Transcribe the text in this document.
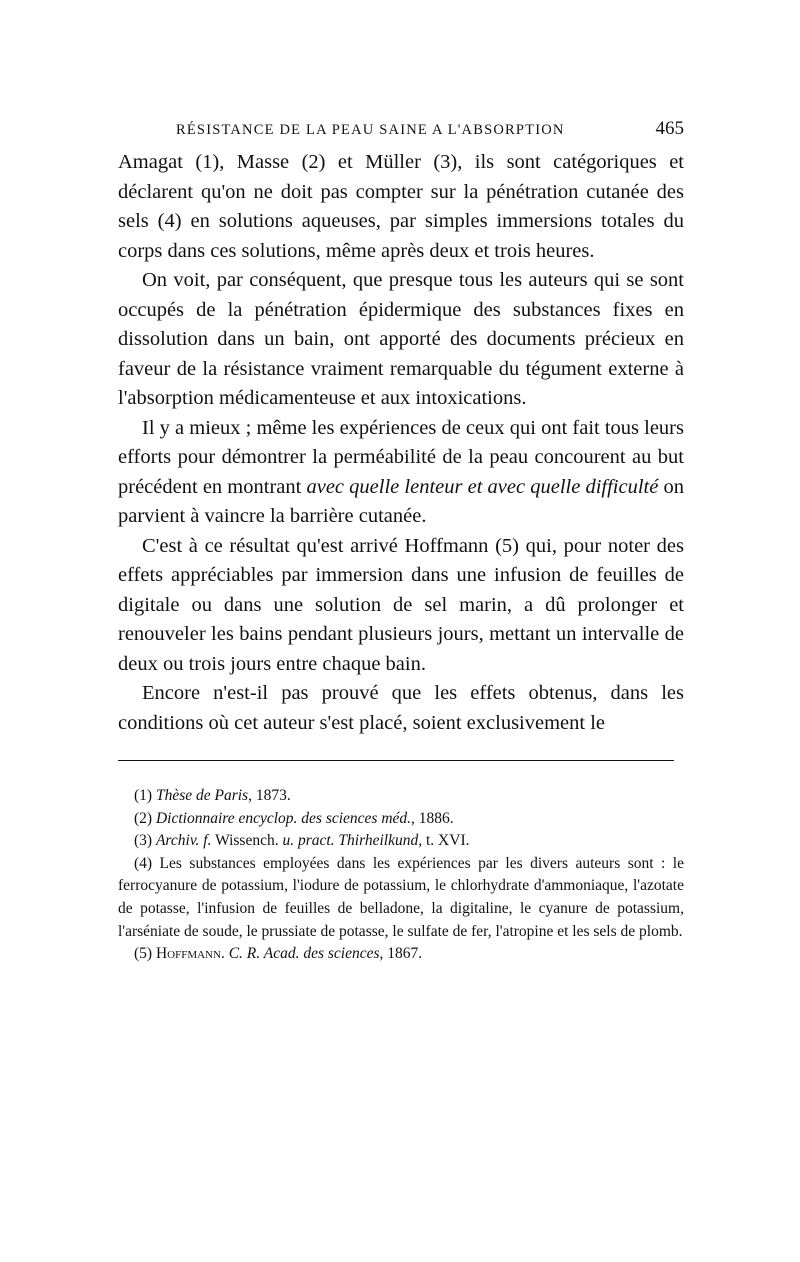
RÉSISTANCE DE LA PEAU SAINE A L'ABSORPTION	465

Amagat (1), Masse (2) et Müller (3), ils sont catégoriques et déclarent qu'on ne doit pas compter sur la pénétration cutanée des sels (4) en solutions aqueuses, par simples immersions totales du corps dans ces solutions, même après deux et trois heures.

On voit, par conséquent, que presque tous les auteurs qui se sont occupés de la pénétration épidermique des substances fixes en dissolution dans un bain, ont apporté des documents précieux en faveur de la résistance vraiment remarquable du tégument externe à l'absorption médicamenteuse et aux intoxications.

Il y a mieux ; même les expériences de ceux qui ont fait tous leurs efforts pour démontrer la perméabilité de la peau concourent au but précédent en montrant avec quelle lenteur et avec quelle difficulté on parvient à vaincre la barrière cutanée.

C'est à ce résultat qu'est arrivé Hoffmann (5) qui, pour noter des effets appréciables par immersion dans une infusion de feuilles de digitale ou dans une solution de sel marin, a dû prolonger et renouveler les bains pendant plusieurs jours, mettant un intervalle de deux ou trois jours entre chaque bain.

Encore n'est-il pas prouvé que les effets obtenus, dans les conditions où cet auteur s'est placé, soient exclusivement le

(1) Thèse de Paris, 1873.

(2) Dictionnaire encyclop. des sciences méd., 1886.

(3) Archiv. f. Wissench. u. pract. Thirheilkund, t. XVI.

(4) Les substances employées dans les expériences par les divers auteurs sont : le ferrocyanure de potassium, l'iodure de potassium, le chlorhydrate d'ammoniaque, l'azotate de potasse, l'infusion de feuilles de belladone, la digitaline, le cyanure de potassium, l'arséniate de soude, le prussiate de potasse, le sulfate de fer, l'atropine et les sels de plomb.

(5) Hoffmann. C. R. Acad. des sciences, 1867.
